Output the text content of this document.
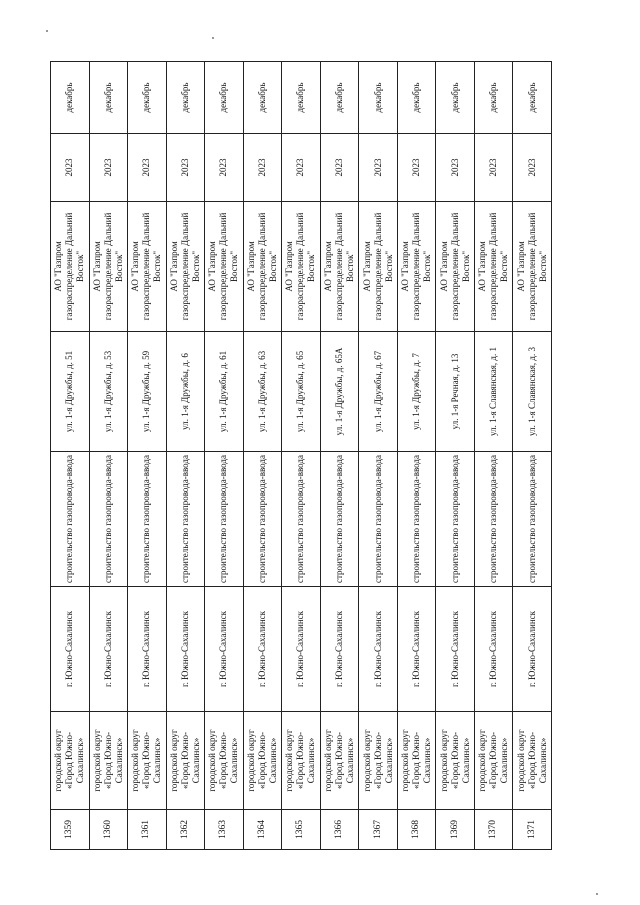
1359	городской округ «Город Южно-Сахалинск»	г. Южно-Сахалинск	строительство газопровода-ввода	ул. 1-я Дружбы, д. 51	АО "Газпром газораспределение Дальний Восток"	2023	декабрь
1360	городской округ «Город Южно-Сахалинск»	г. Южно-Сахалинск	строительство газопровода-ввода	ул. 1-я Дружбы, д. 53	АО "Газпром газораспределение Дальний Восток"	2023	декабрь
1361	городской округ «Город Южно-Сахалинск»	г. Южно-Сахалинск	строительство газопровода-ввода	ул. 1-я Дружбы, д. 59	АО "Газпром газораспределение Дальний Восток"	2023	декабрь
1362	городской округ «Город Южно-Сахалинск»	г. Южно-Сахалинск	строительство газопровода-ввода	ул. 1-я Дружбы, д. 6	АО "Газпром газораспределение Дальний Восток"	2023	декабрь
1363	городской округ «Город Южно-Сахалинск»	г. Южно-Сахалинск	строительство газопровода-ввода	ул. 1-я Дружбы, д. 61	АО "Газпром газораспределение Дальний Восток"	2023	декабрь
1364	городской округ «Город Южно-Сахалинск»	г. Южно-Сахалинск	строительство газопровода-ввода	ул. 1-я Дружбы, д. 63	АО "Газпром газораспределение Дальний Восток"	2023	декабрь
1365	городской округ «Город Южно-Сахалинск»	г. Южно-Сахалинск	строительство газопровода-ввода	ул. 1-я Дружбы, д. 65	АО "Газпром газораспределение Дальний Восток"	2023	декабрь
1366	городской округ «Город Южно-Сахалинск»	г. Южно-Сахалинск	строительство газопровода-ввода	ул. 1-я Дружбы, д. 65А	АО "Газпром газораспределение Дальний Восток"	2023	декабрь
1367	городской округ «Город Южно-Сахалинск»	г. Южно-Сахалинск	строительство газопровода-ввода	ул. 1-я Дружбы, д. 67	АО "Газпром газораспределение Дальний Восток"	2023	декабрь
1368	городской округ «Город Южно-Сахалинск»	г. Южно-Сахалинск	строительство газопровода-ввода	ул. 1-я Дружбы, д. 7	АО "Газпром газораспределение Дальний Восток"	2023	декабрь
1369	городской округ «Город Южно-Сахалинск»	г. Южно-Сахалинск	строительство газопровода-ввода	ул. 1-я Речная, д. 13	АО "Газпром газораспределение Дальний Восток"	2023	декабрь
1370	городской округ «Город Южно-Сахалинск»	г. Южно-Сахалинск	строительство газопровода-ввода	ул. 1-я Славянская, д. 1	АО "Газпром газораспределение Дальний Восток"	2023	декабрь
1371	городской округ «Город Южно-Сахалинск»	г. Южно-Сахалинск	строительство газопровода-ввода	ул. 1-я Славянская, д. 3	АО "Газпром газораспределение Дальний Восток"	2023	декабрь
